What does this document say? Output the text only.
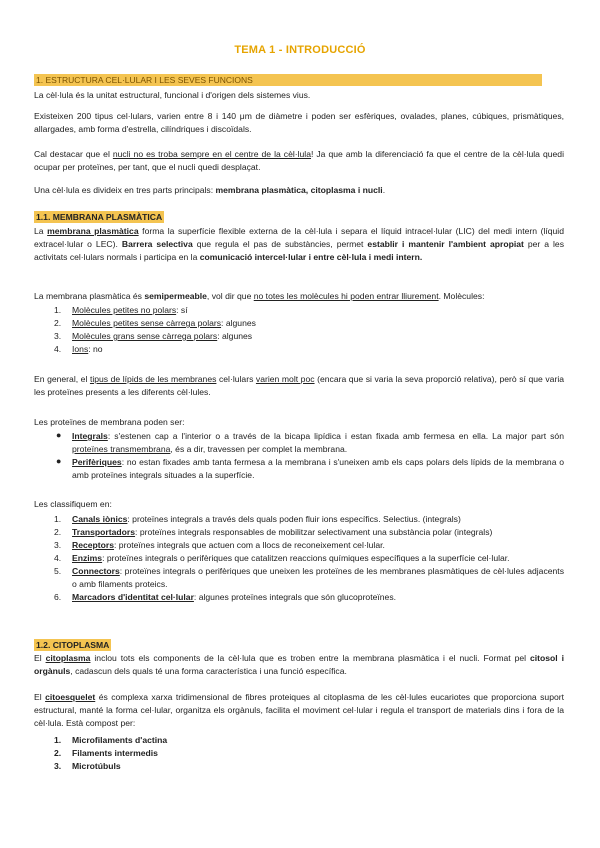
TEMA 1 - INTRODUCCIÓ
1. ESTRUCTURA CEL·LULAR I LES SEVES FUNCIONS
La cèl·lula és la unitat estructural, funcional i d'origen dels sistemes vius.
Existeixen 200 tipus cel·lulars, varien entre 8 i 140 μm de diàmetre i poden ser esfèriques, ovalades, planes, cúbiques, prismàtiques, allargades, amb forma d'estrella, cilíndriques i discoïdals.
Cal destacar que el nucli no es troba sempre en el centre de la cèl·lula! Ja que amb la diferenciació fa que el centre de la cèl·lula quedi ocupar per proteïnes, per tant, que el nucli quedi desplaçat.
Una cèl·lula es divideix en tres parts principals: membrana plasmàtica, citoplasma i nucli.
1.1. MEMBRANA PLASMÀTICA
La membrana plasmàtica forma la superfície flexible externa de la cèl·lula i separa el líquid intracel·lular (LIC) del medi intern (líquid extracel·lular o LEC). Barrera selectiva que regula el pas de substàncies, permet establir i mantenir l'ambient apropiat per a les activitats cel·lulars normals i participa en la comunicació intercel·lular i entre cèl·lula i medi intern.
La membrana plasmàtica és semipermeable, vol dir que no totes les molècules hi poden entrar lliurement. Molècules:
1. Molècules petites no polars: sí
2. Molècules petites sense càrrega polars: algunes
3. Molècules grans sense càrrega polars: algunes
4. Ions: no
En general, el tipus de lípids de les membranes cel·lulars varien molt poc (encara que si varia la seva proporció relativa), però sí que varia les proteïnes presents a les diferents cèl·lules.
Les proteïnes de membrana poden ser:
● Integrals: s'estenen cap a l'interior o a través de la bicapa lipídica i estan fixada amb fermesa en ella. La major part són proteïnes transmembrana, és a dir, travessen per complet la membrana.
● Perifèriques: no estan fixades amb tanta fermesa a la membrana i s'uneixen amb els caps polars dels lípids de la membrana o amb proteïnes integrals situades a la superfície.
Les classifiquem en:
1. Canals iònics: proteïnes integrals a través dels quals poden fluir ions específics. Selectius. (integrals)
2. Transportadors: proteïnes integrals responsables de mobilitzar selectivament una substància polar (integrals)
3. Receptors: proteïnes integrals que actuen com a llocs de reconeixement cel·lular.
4. Enzims: proteïnes integrals o perifèriques que catalitzen reaccions químiques específiques a la superfície cel·lular.
5. Connectors: proteïnes integrals o perifèriques que uneixen les proteïnes de les membranes plasmàtiques de cèl·lules adjacents o amb filaments proteics.
6. Marcadors d'identitat cel·lular: algunes proteïnes integrals que són glucoproteïnes.
1.2. CITOPLASMA
El citoplasma inclou tots els components de la cèl·lula que es troben entre la membrana plasmàtica i el nucli. Format pel citosol i orgànuls, cadascun dels quals té una forma característica i una funció específica.
El citoesquelet és complexa xarxa tridimensional de fibres proteiques al citoplasma de les cèl·lules eucariotes que proporciona suport estructural, manté la forma cel·lular, organitza els orgànuls, facilita el moviment cel·lular i regula el transport de materials dins i fora de la cèl·lula. Està compost per:
1. Microfilaments d'actina
2. Filaments intermedis
3. Microtúbuls
